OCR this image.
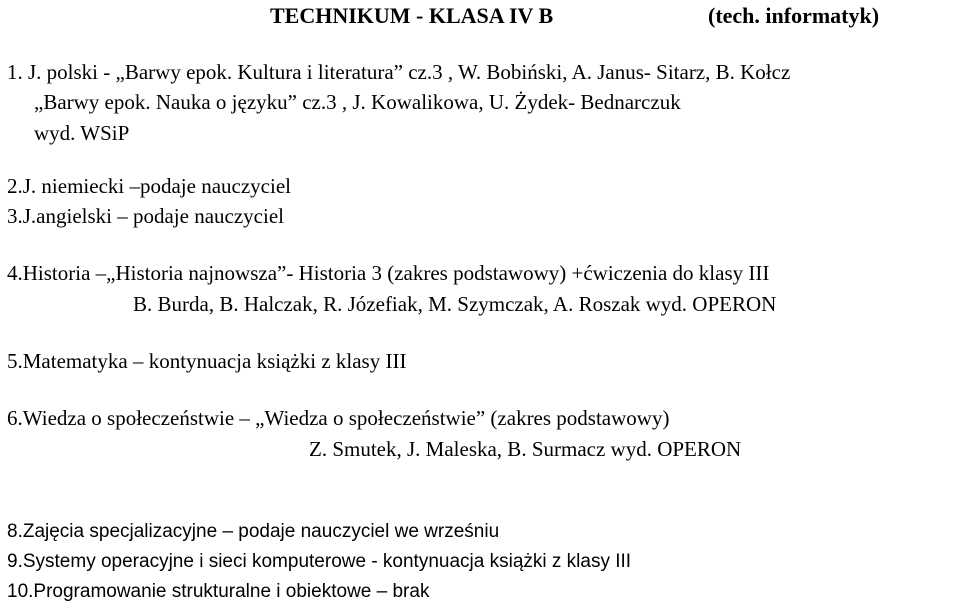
TECHNIKUM - KLASA IV B	(tech. informatyk)
1. J. polski - „Barwy epok. Kultura i literatura” cz.3 , W. Bobiński, A. Janus- Sitarz, B. Kołcz
„Barwy epok. Nauka o języku” cz.3 , J. Kowalikowa, U. Żydek- Bednarczuk
wyd. WSiP
2.J. niemiecki –podaje nauczyciel
3.J.angielski – podaje nauczyciel
4.Historia –„Historia najnowsza”- Historia 3 (zakres podstawowy) +ćwiczenia do klasy III
B. Burda, B. Halczak, R. Józefiak, M. Szymczak, A. Roszak wyd. OPERON
5.Matematyka – kontynuacja książki z klasy III
6.Wiedza o społeczeństwie – „Wiedza o społeczeństwie” (zakres podstawowy)
Z. Smutek, J. Maleska, B. Surmacz wyd. OPERON
8.Zajęcia specjalizacyjne – podaje nauczyciel we wrześniu
9.Systemy operacyjne i sieci komputerowe - kontynuacja książki z klasy III
10.Programowanie strukturalne i obiektowe – brak
